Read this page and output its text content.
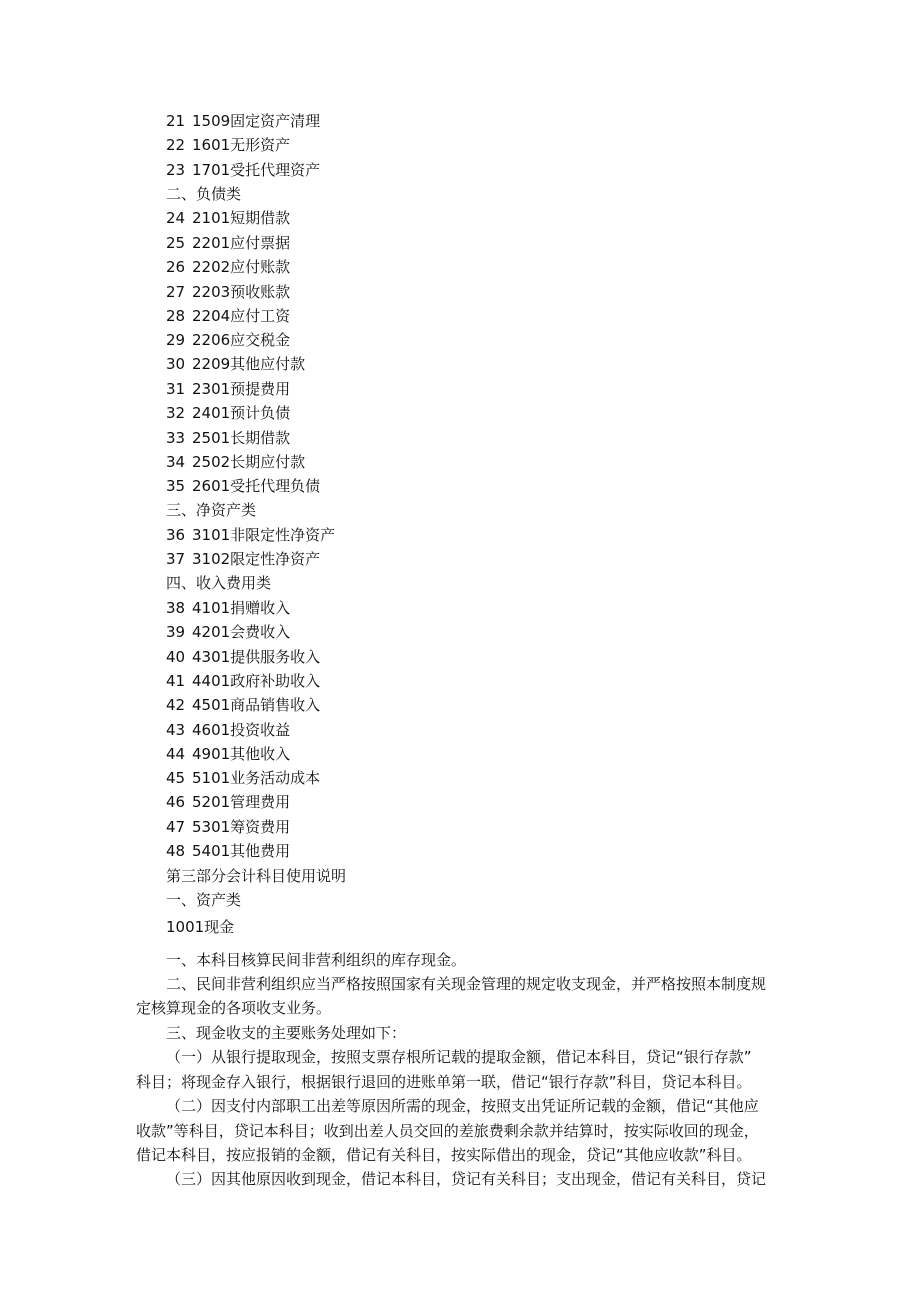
21 1509固定资产清理
22 1601无形资产
23 1701受托代理资产
二、负债类
24 2101短期借款
25 2201应付票据
26 2202应付账款
27 2203预收账款
28 2204应付工资
29 2206应交税金
30 2209其他应付款
31 2301预提费用
32 2401预计负债
33 2501长期借款
34 2502长期应付款
35 2601受托代理负债
三、净资产类
36 3101非限定性净资产
37 3102限定性净资产
四、收入费用类
38 4101捐赠收入
39 4201会费收入
40 4301提供服务收入
41 4401政府补助收入
42 4501商品销售收入
43 4601投资收益
44 4901其他收入
45 5101业务活动成本
46 5201管理费用
47 5301筹资费用
48 5401其他费用
第三部分会计科目使用说明
一、资产类
1001现金
一、本科目核算民间非营利组织的库存现金。
二、民间非营利组织应当严格按照国家有关现金管理的规定收支现金，并严格按照本制度规
定核算现金的各项收支业务。
三、现金收支的主要账务处理如下：
（一）从银行提取现金，按照支票存根所记载的提取金额，借记本科目，贷记“银行存款”
科目；将现金存入银行，根据银行退回的进账单第一联，借记“银行存款”科目，贷记本科目。
（二）因支付内部职工出差等原因所需的现金，按照支出凭证所记载的金额，借记“其他应
收款”等科目，贷记本科目；收到出差人员交回的差旅费剩余款并结算时，按实际收回的现金，
借记本科目，按应报销的金额，借记有关科目，按实际借出的现金，贷记“其他应收款”科目。
（三）因其他原因收到现金，借记本科目，贷记有关科目；支出现金，借记有关科目，贷记
